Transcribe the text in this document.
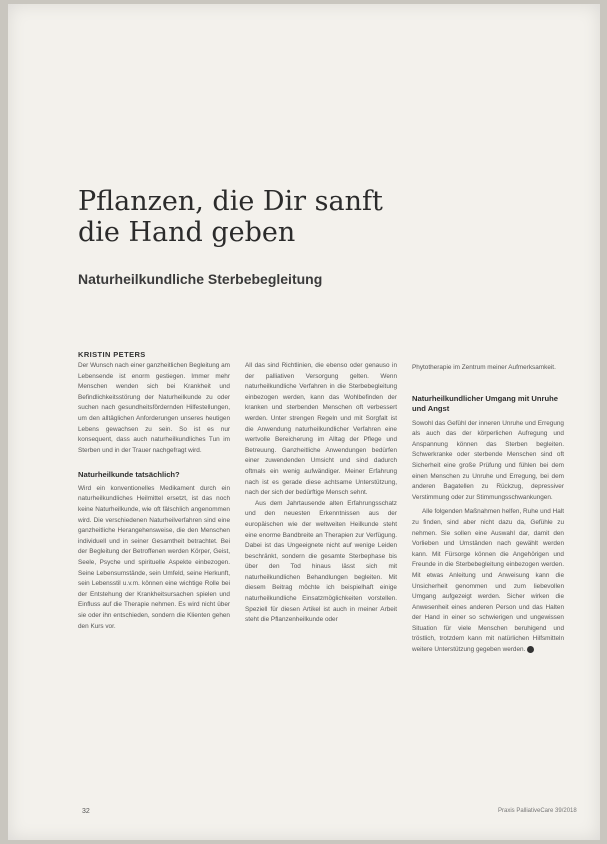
Pflanzen, die Dir sanft
die Hand geben
Naturheilkundliche Sterbebegleitung
KRISTIN PETERS

Der Wunsch nach einer ganzheitlichen Begleitung am Lebensende ist enorm gestiegen. Immer mehr Menschen wenden sich bei Krankheit und Befindlichkeitsstörung der Naturheilkunde zu oder suchen nach gesundheitsfördernden Hilfestellungen, um den alltäglichen Anforderungen unseres heutigen Lebens gewachsen zu sein. So ist es nur konsequent, dass auch naturheilkundliches Tun im Sterben und in der Trauer nachgefragt wird.

Naturheilkunde tatsächlich?

Wird ein konventionelles Medikament durch ein naturheilkundliches Heilmittel ersetzt, ist das noch keine Naturheilkunde, wie oft fälschlich angenommen wird. Die verschiedenen Naturheilverfahren sind eine ganzheitliche Herangehensweise, die den Menschen individuell und in seiner Gesamtheit betrachtet. Bei der Begleitung der Betroffenen werden Körper, Geist, Seele, Psyche und spirituelle Aspekte einbezogen. Seine Lebensumstände, sein Umfeld, seine Herkunft, sein Lebensstil u.v.m. können eine wichtige Rolle bei der Entstehung der Krankheitsursachen spielen und Einfluss auf die Therapie nehmen. Es wird nicht über sie oder ihn entschieden, sondern die Klienten gehen den Kurs vor.

All das sind Richtlinien, die ebenso oder genauso in der palliativen Versorgung gelten. Wenn naturheilkundliche Verfahren in die Sterbebegleitung einbezogen werden, kann das Wohlbefinden der kranken und sterbenden Menschen oft verbessert werden. Unter strengen Regeln und mit Sorgfalt ist die Anwendung naturheilkundlicher Verfahren eine wertvolle Bereicherung im Alltag der Pflege und Betreuung. Ganzheitliche Anwendungen bedürfen einer zuwendenden Umsicht und sind dadurch oftmals ein wenig aufwändiger. Meiner Erfahrung nach ist es gerade diese achtsame Unterstützung, nach der sich der bedürftige Mensch sehnt.

Aus dem Jahrtausende alten Erfahrungsschatz und den neuesten Erkenntnissen aus der europäischen wie der weltweiten Heilkunde steht eine enorme Bandbreite an Therapien zur Verfügung. Dabei ist das Ungeeignete nicht auf wenige Leiden beschränkt, sondern die gesamte Sterbephase bis über den Tod hinaus lässt sich mit naturheilkundlichen Behandlungen begleiten. Mit diesem Beitrag möchte ich beispielhaft einige naturheilkundliche Einsatzmöglichkeiten vorstellen. Speziell für diesen Artikel ist auch in meiner Arbeit steht die Pflanzenheilkunde oder

Phytotherapie im Zentrum meiner Aufmerksamkeit.

Naturheilkundlicher Umgang mit Unruhe und Angst

Sowohl das Gefühl der inneren Unruhe und Erregung als auch das der körperlichen Aufregung und Anspannung können das Sterben begleiten. Schwerkranke oder sterbende Menschen sind oft Sicherheit eine große Prüfung und fühlen bei dem einen Menschen zu Unruhe und Erregung, bei dem anderen Bagatellen zu Rückzug, depressiver Verstimmung oder zur Stimmungsschwankungen.

Alle folgenden Maßnahmen helfen, Ruhe und Halt zu finden, sind aber nicht dazu da, Gefühle zu nehmen. Sie sollen eine Auswahl dar, damit den Vorlieben und Umständen nach gewählt werden kann. Mit Fürsorge können die Angehörigen und Freunde in die Sterbebegleitung einbezogen werden. Mit etwas Anleitung und Anweisung kann die Unsicherheit genommen und zum liebevollen Umgang aufgezeigt werden. Sicher wirken die Anwesenheit eines anderen Person und das Halten der Hand in einer so schwierigen und ungewissen Situation für viele Menschen beruhigend und tröstlich, trotzdem kann mit natürlichen Hilfsmitteln weitere Unterstützung gegeben werden.

32	Praxis PalliativeCare 39/2018
